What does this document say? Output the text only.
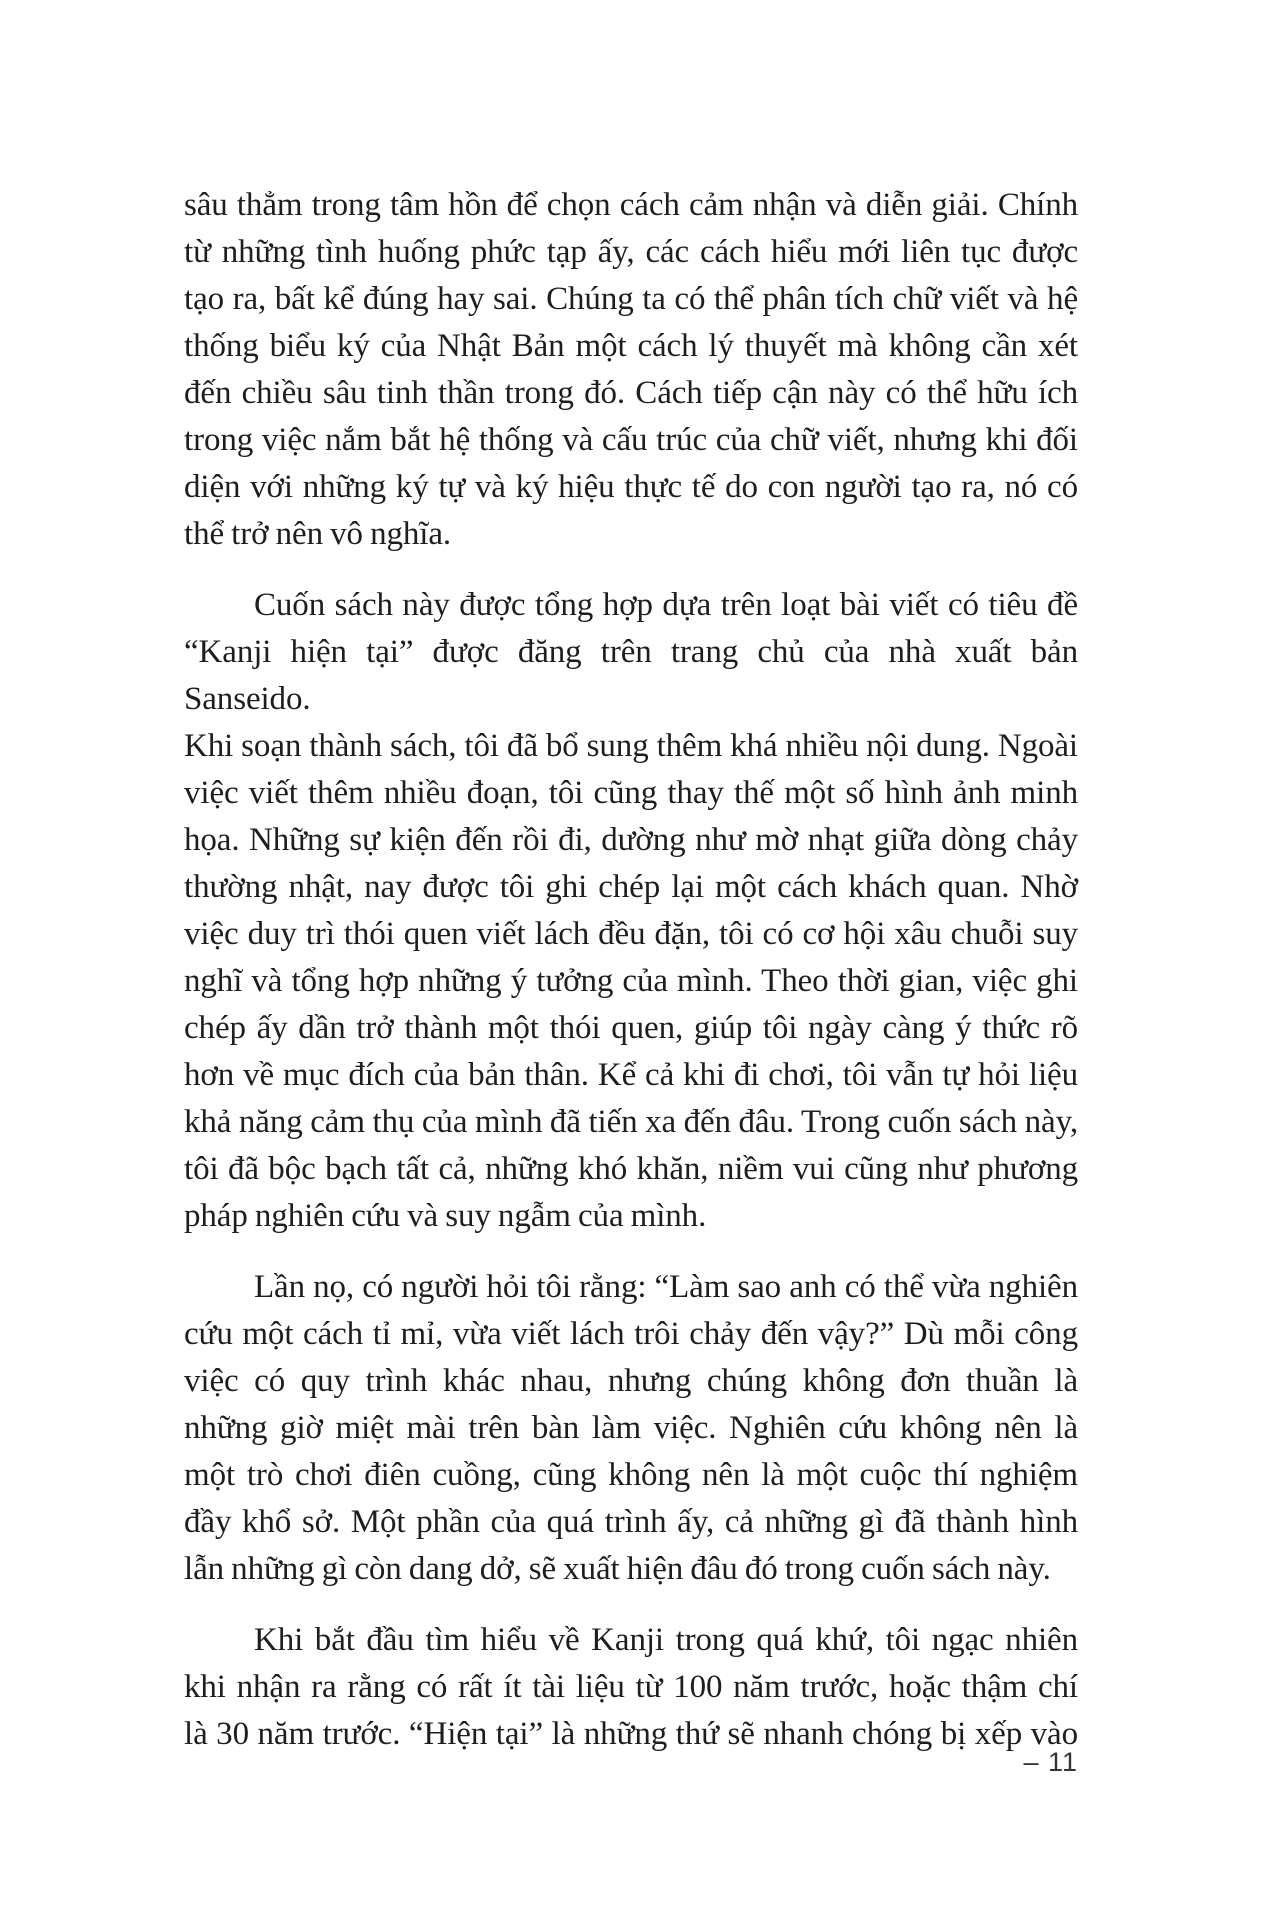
sâu thẳm trong tâm hồn để chọn cách cảm nhận và diễn giải. Chính
từ những tình huống phức tạp ấy, các cách hiểu mới liên tục được
tạo ra, bất kể đúng hay sai. Chúng ta có thể phân tích chữ viết và hệ
thống biểu ký của Nhật Bản một cách lý thuyết mà không cần xét
đến chiều sâu tinh thần trong đó. Cách tiếp cận này có thể hữu ích
trong việc nắm bắt hệ thống và cấu trúc của chữ viết, nhưng khi đối
diện với những ký tự và ký hiệu thực tế do con người tạo ra, nó có
thể trở nên vô nghĩa.
Cuốn sách này được tổng hợp dựa trên loạt bài viết có tiêu đề
“Kanji hiện tại” được đăng trên trang chủ của nhà xuất bản Sanseido.
Khi soạn thành sách, tôi đã bổ sung thêm khá nhiều nội dung. Ngoài
việc viết thêm nhiều đoạn, tôi cũng thay thế một số hình ảnh minh
họa. Những sự kiện đến rồi đi, dường như mờ nhạt giữa dòng chảy
thường nhật, nay được tôi ghi chép lại một cách khách quan. Nhờ
việc duy trì thói quen viết lách đều đặn, tôi có cơ hội xâu chuỗi suy
nghĩ và tổng hợp những ý tưởng của mình. Theo thời gian, việc ghi
chép ấy dần trở thành một thói quen, giúp tôi ngày càng ý thức rõ
hơn về mục đích của bản thân. Kể cả khi đi chơi, tôi vẫn tự hỏi liệu
khả năng cảm thụ của mình đã tiến xa đến đâu. Trong cuốn sách này,
tôi đã bộc bạch tất cả, những khó khăn, niềm vui cũng như phương
pháp nghiên cứu và suy ngẫm của mình.
Lần nọ, có người hỏi tôi rằng: “Làm sao anh có thể vừa nghiên
cứu một cách tỉ mỉ, vừa viết lách trôi chảy đến vậy?” Dù mỗi công
việc có quy trình khác nhau, nhưng chúng không đơn thuần là
những giờ miệt mài trên bàn làm việc. Nghiên cứu không nên là
một trò chơi điên cuồng, cũng không nên là một cuộc thí nghiệm
đầy khổ sở. Một phần của quá trình ấy, cả những gì đã thành hình
lẫn những gì còn dang dở, sẽ xuất hiện đâu đó trong cuốn sách này.
Khi bắt đầu tìm hiểu về Kanji trong quá khứ, tôi ngạc nhiên
khi nhận ra rằng có rất ít tài liệu từ 100 năm trước, hoặc thậm chí
là 30 năm trước. “Hiện tại” là những thứ sẽ nhanh chóng bị xếp vào
– 11
